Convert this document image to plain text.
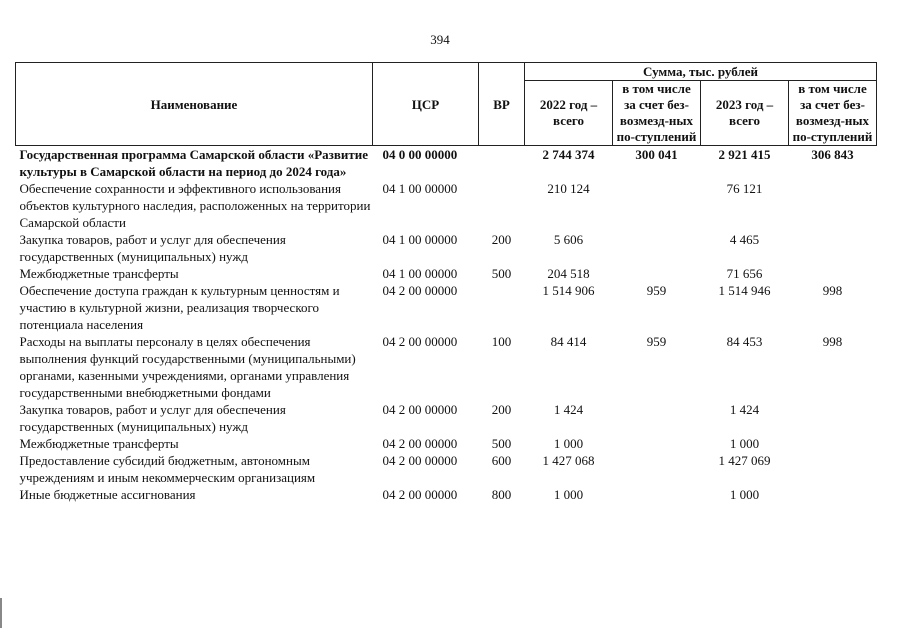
394
Наименование	ЦСР	ВР	Сумма, тыс. рублей			
			2022 год – всего	в том числе за счет без-возмезд-ных по-ступлений	2023 год – всего	в том числе за счет без-возмезд-ных по-ступлений
Государственная программа Самарской области «Развитие культуры в Самарской области на период до 2024 года»	04 0 00 00000		2 744 374	300 041	2 921 415	306 843
Обеспечение сохранности и эффективного использования объектов культурного наследия, расположенных на территории Самарской области	04 1 00 00000		210 124		76 121	
Закупка товаров, работ и услуг для обеспечения государственных (муниципальных) нужд	04 1 00 00000	200	5 606		4 465	
Межбюджетные трансферты	04 1 00 00000	500	204 518		71 656	
Обеспечение доступа граждан к культурным ценностям и участию в культурной жизни, реализация творческого потенциала населения	04 2 00 00000		1 514 906	959	1 514 946	998
Расходы на выплаты персоналу в целях обеспечения выполнения функций государственными (муниципальными) органами, казенными учреждениями, органами управления государственными внебюджетными фондами	04 2 00 00000	100	84 414	959	84 453	998
Закупка товаров, работ и услуг для обеспечения государственных (муниципальных) нужд	04 2 00 00000	200	1 424		1 424	
Межбюджетные трансферты	04 2 00 00000	500	1 000		1 000	
Предоставление субсидий бюджетным, автономным учреждениям и иным некоммерческим организациям	04 2 00 00000	600	1 427 068		1 427 069	
Иные бюджетные ассигнования	04 2 00 00000	800	1 000		1 000	
